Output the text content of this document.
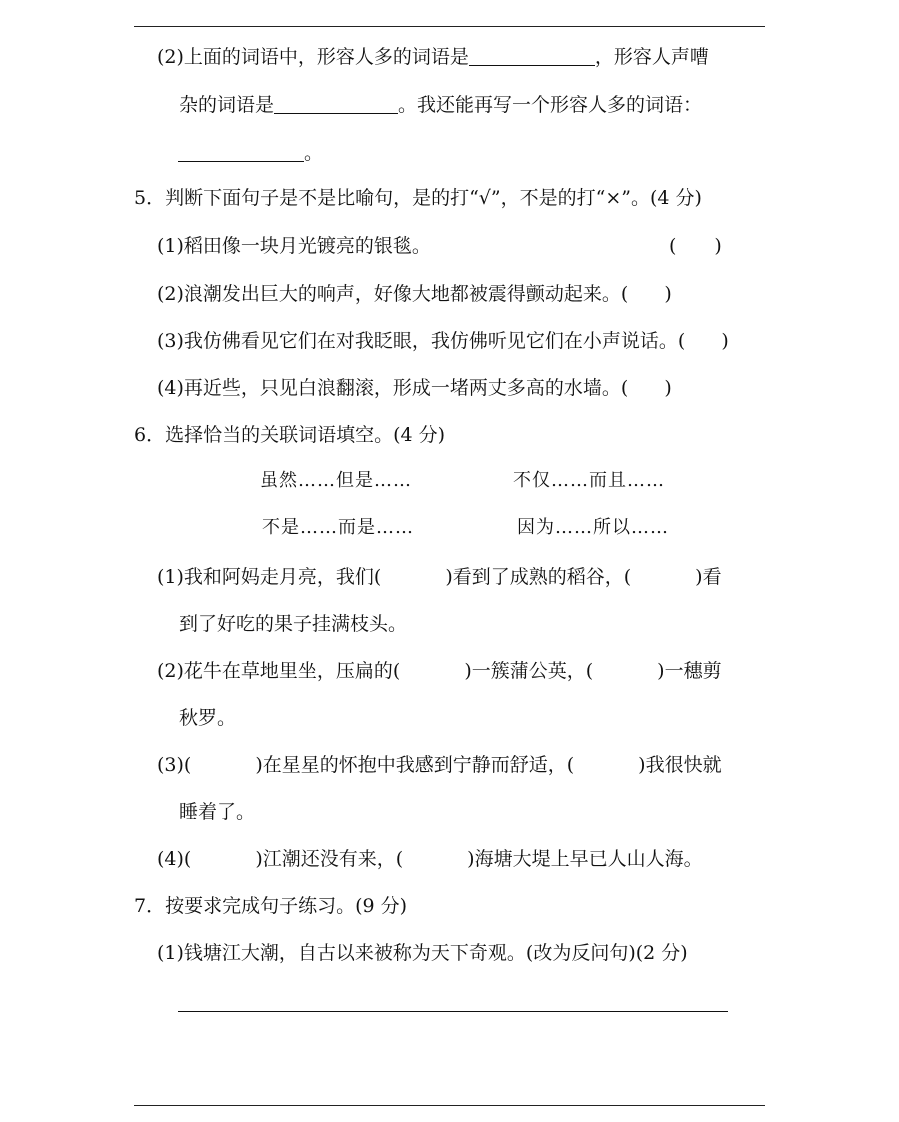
(2)上面的词语中，形容人多的词语是	，形容人声嘈
杂的词语是	。我还能再写一个形容人多的词语：
。
5．判断下面句子是不是比喻句，是的打“√”，不是的打“×”。(4 分)
(1)稻田像一块月光镀亮的银毯。	( )
(2)浪潮发出巨大的响声，好像大地都被震得颤动起来。( )
(3)我仿佛看见它们在对我眨眼，我仿佛听见它们在小声说话。( )
(4)再近些，只见白浪翻滚，形成一堵两丈多高的水墙。( )
6．选择恰当的关联词语填空。(4 分)
虽然……但是……	不仅……而且……
不是……而是……	因为……所以……
(1)我和阿妈走月亮，我们(	)看到了成熟的稻谷，(	)看
到了好吃的果子挂满枝头。
(2)花牛在草地里坐，压扁的(	)一簇蒲公英，(	)一穗剪
秋罗。
(3)(	)在星星的怀抱中我感到宁静而舒适，(	)我很快就
睡着了。
(4)(	)江潮还没有来，(	)海塘大堤上早已人山人海。
7．按要求完成句子练习。(9 分)
(1)钱塘江大潮，自古以来被称为天下奇观。(改为反问句)(2 分)
